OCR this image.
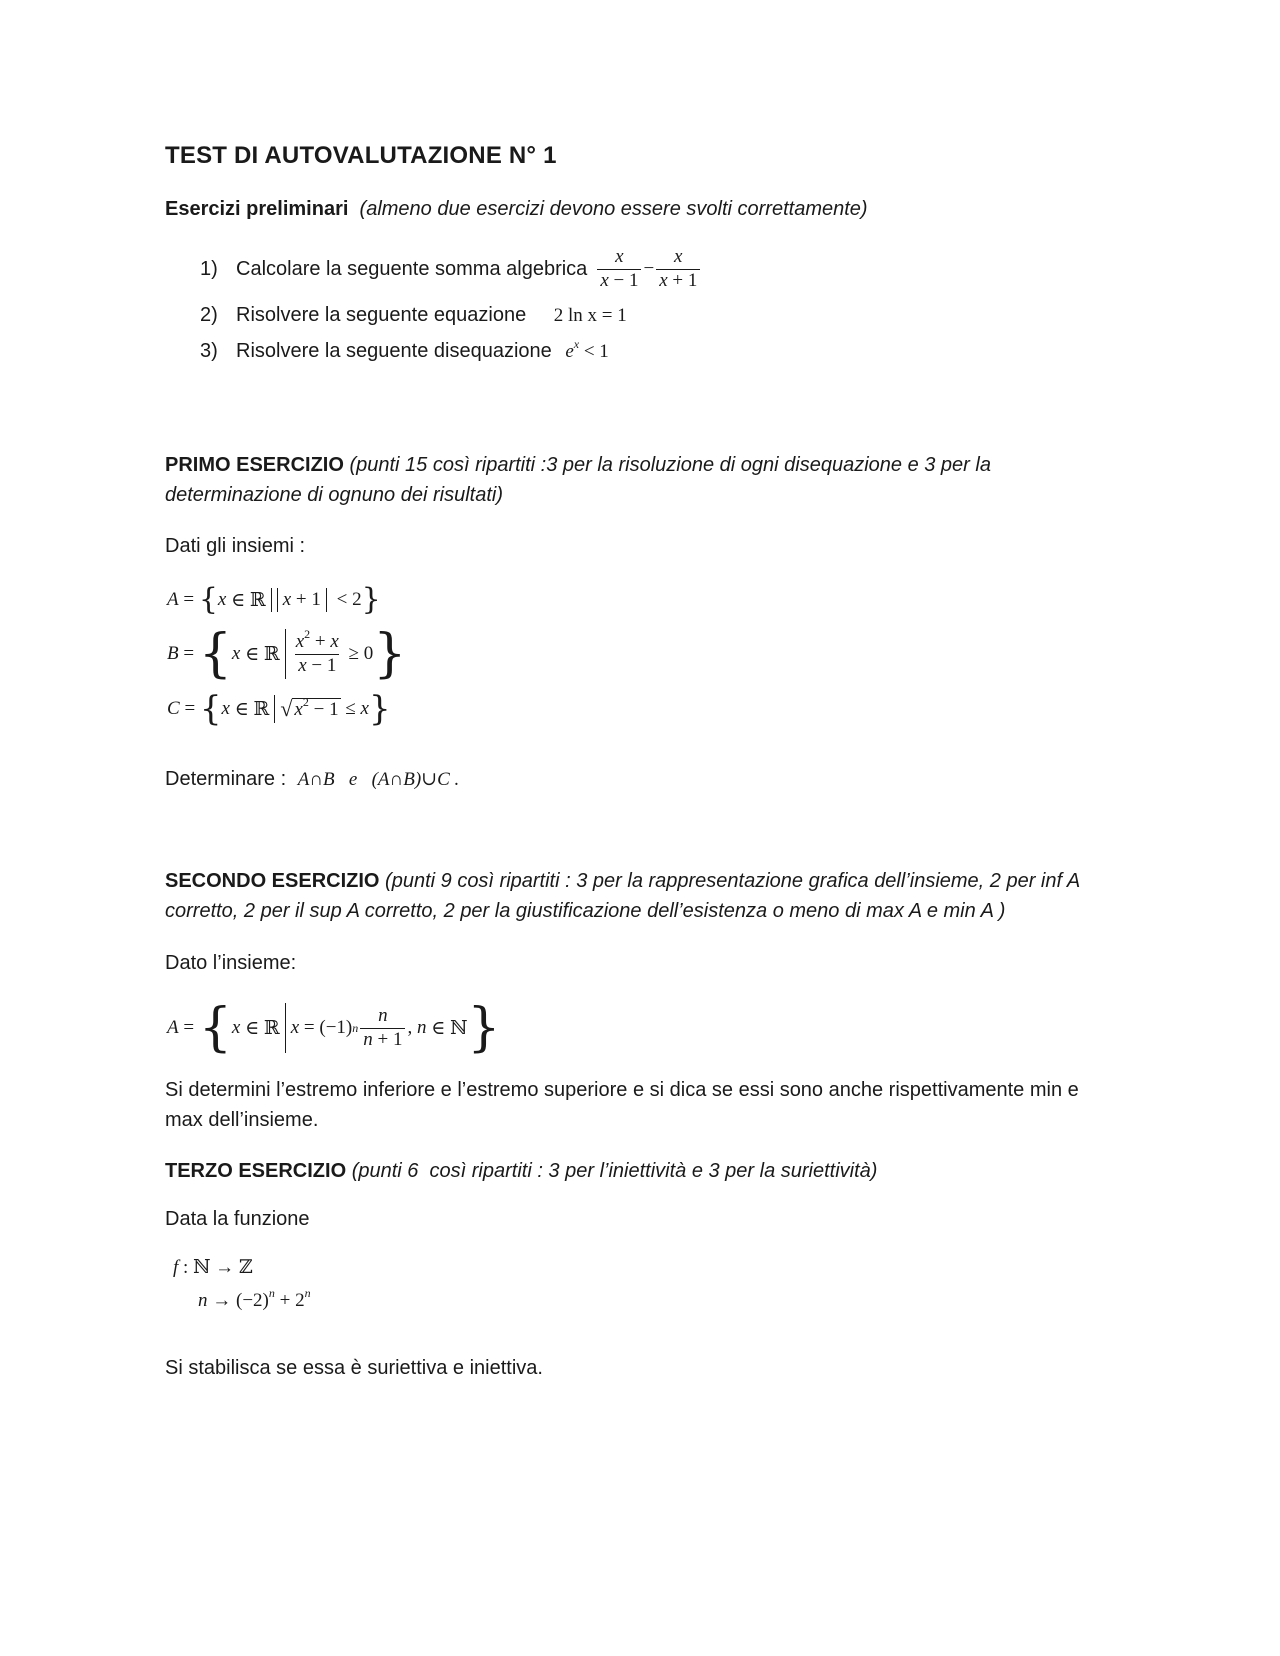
TEST DI AUTOVALUTAZIONE N° 1
Esercizi preliminari (almeno due esercizi devono essere svolti correttamente)
1) Calcolare la seguente somma algebrica $\frac{x}{x - 1} - \frac{x}{x + 1}$
2) Risolvere la seguente equazione 2 ln x = 1
3) Risolvere la seguente disequazione $e^x < 1$
PRIMO ESERCIZIO (punti 15 così ripartiti :3 per la risoluzione di ogni disequazione e 3 per la determinazione di ognuno dei risultati)
Dati gli insiemi :
A = { x ∈ ℝ x + 1
< 2 }
B = { x ∈ ℝ $\frac{x^2 + x}{x - 1} \ge 0$ }
C = { x ∈ ℝ √ $x^2 - 1 \le x$ }
Determinare : A∩B   e   (A∩B)∪C .
SECONDO ESERCIZIO (punti 9 così ripartiti : 3 per la rappresentazione grafica dell’insieme, 2 per inf A corretto, 2 per il sup A corretto, 2 per la giustificazione dell’esistenza o meno di max A e min A )
Dato l’insieme:
A = { x ∈ ℝ x = (−1) n $\frac{n}{n + 1}$ , n ∈ ℕ }
Si determini l’estremo inferiore e l’estremo superiore e si dica se essi sono anche rispettivamente min e max dell’insieme.
TERZO ESERCIZIO (punti 6  così ripartiti : 3 per l’iniettività e 3 per la suriettività)
Data la funzione
f : ℕ → ℤ
$n \to (-2)^n + 2^n$
Si stabilisca se essa è suriettiva e iniettiva.
